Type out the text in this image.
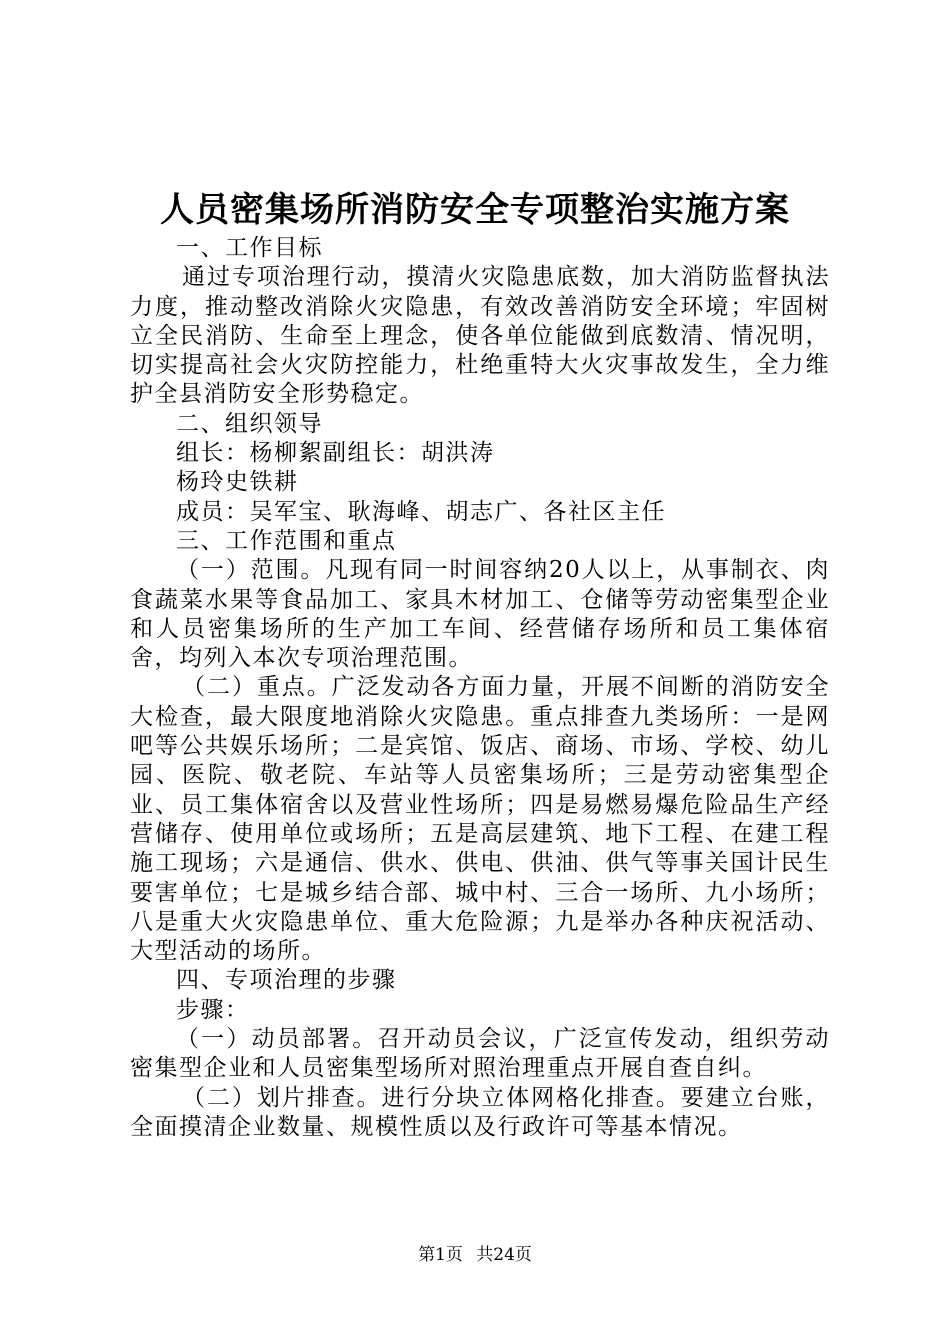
人员密集场所消防安全专项整治实施方案

一、工作目标

通过专项治理行动，摸清火灾隐患底数，加大消防监督执法力度，推动整改消除火灾隐患，有效改善消防安全环境；牢固树立全民消防、生命至上理念，使各单位能做到底数清、情况明，切实提高社会火灾防控能力，杜绝重特大火灾事故发生，全力维护全县消防安全形势稳定。

二、组织领导

组长：杨柳絮副组长：胡洪涛

杨玲史铁耕

成员：吴军宝、耿海峰、胡志广、各社区主任

三、工作范围和重点

（一）范围。凡现有同一时间容纳20人以上，从事制衣、肉食蔬菜水果等食品加工、家具木材加工、仓储等劳动密集型企业和人员密集场所的生产加工车间、经营储存场所和员工集体宿舍，均列入本次专项治理范围。

（二）重点。广泛发动各方面力量，开展不间断的消防安全大检查，最大限度地消除火灾隐患。重点排查九类场所：一是网吧等公共娱乐场所；二是宾馆、饭店、商场、市场、学校、幼儿园、医院、敬老院、车站等人员密集场所；三是劳动密集型企业、员工集体宿舍以及营业性场所；四是易燃易爆危险品生产经营储存、使用单位或场所；五是高层建筑、地下工程、在建工程施工现场；六是通信、供水、供电、供油、供气等事关国计民生要害单位；七是城乡结合部、城中村、三合一场所、九小场所；八是重大火灾隐患单位、重大危险源；九是举办各种庆祝活动、大型活动的场所。

四、专项治理的步骤

步骤：

（一）动员部署。召开动员会议，广泛宣传发动，组织劳动密集型企业和人员密集型场所对照治理重点开展自查自纠。

（二）划片排查。进行分块立体网格化排查。要建立台账，全面摸清企业数量、规模性质以及行政许可等基本情况。

第1页 共24页
